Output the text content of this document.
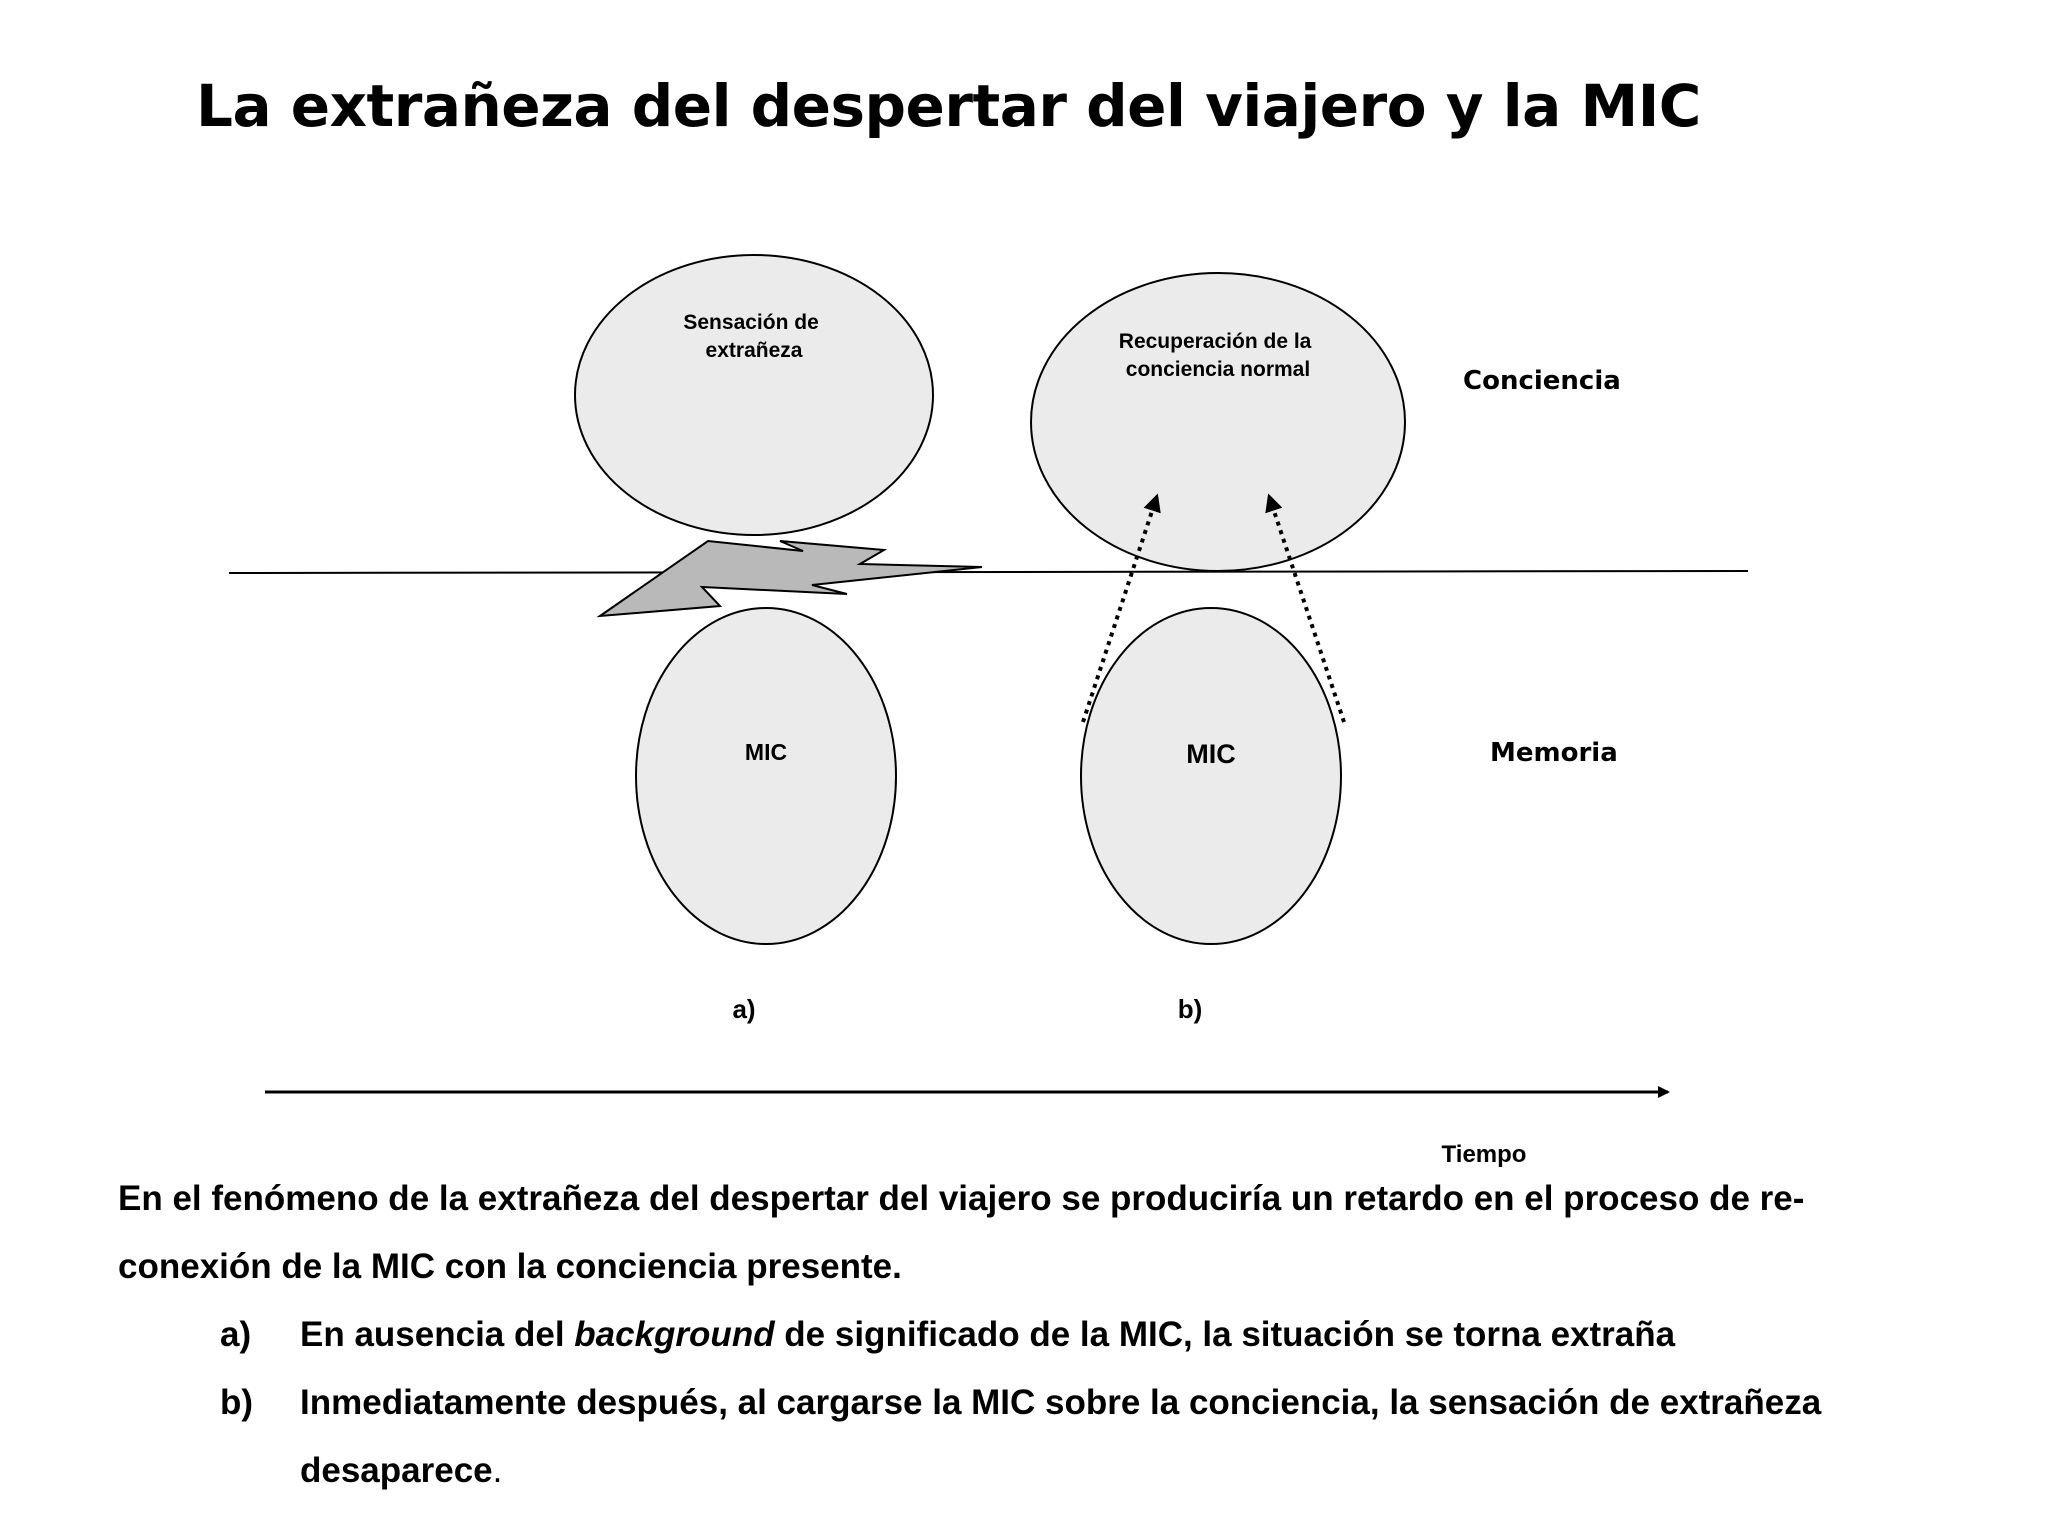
La extrañeza del despertar del viajero y la MIC
Sensación de extrañeza
MIC
Recuperación de la conciencia normal
MIC
Conciencia
Memoria
a)	b)
Tiempo

En el fenómeno de la extrañeza del despertar del viajero se produciría un retardo en el proceso de re-conexión de la MIC con la conciencia presente.

a) En ausencia del background de significado de la MIC, la situación se torna extraña
b) Inmediatamente después, al cargarse la MIC sobre la conciencia, la sensación de extrañeza desaparece.
